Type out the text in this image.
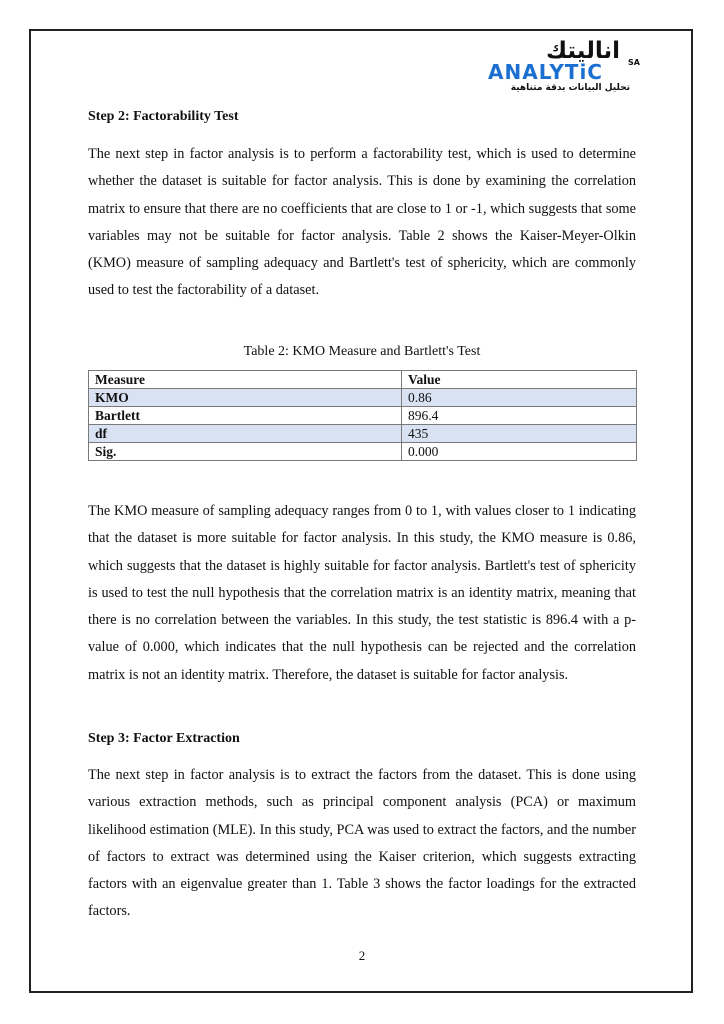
اناليتك
ANALYTiC	SA
تحليل البيانات بدقة متناهية
Step 2: Factorability Test

The next step in factor analysis is to perform a factorability test, which is used to determine whether the dataset is suitable for factor analysis. This is done by examining the correlation matrix to ensure that there are no coefficients that are close to 1 or -1, which suggests that some variables may not be suitable for factor analysis. Table 2 shows the Kaiser-Meyer-Olkin (KMO) measure of sampling adequacy and Bartlett's test of sphericity, which are commonly used to test the factorability of a dataset.

Table 2: KMO Measure and Bartlett's Test
Measure	Value
KMO	0.86
Bartlett	896.4
df	435
Sig.	0.000

The KMO measure of sampling adequacy ranges from 0 to 1, with values closer to 1 indicating that the dataset is more suitable for factor analysis. In this study, the KMO measure is 0.86, which suggests that the dataset is highly suitable for factor analysis. Bartlett's test of sphericity is used to test the null hypothesis that the correlation matrix is an identity matrix, meaning that there is no correlation between the variables. In this study, the test statistic is 896.4 with a p-value of 0.000, which indicates that the null hypothesis can be rejected and the correlation matrix is not an identity matrix. Therefore, the dataset is suitable for factor analysis.

Step 3: Factor Extraction

The next step in factor analysis is to extract the factors from the dataset. This is done using various extraction methods, such as principal component analysis (PCA) or maximum likelihood estimation (MLE). In this study, PCA was used to extract the factors, and the number of factors to extract was determined using the Kaiser criterion, which suggests extracting factors with an eigenvalue greater than 1. Table 3 shows the factor loadings for the extracted factors.

2
